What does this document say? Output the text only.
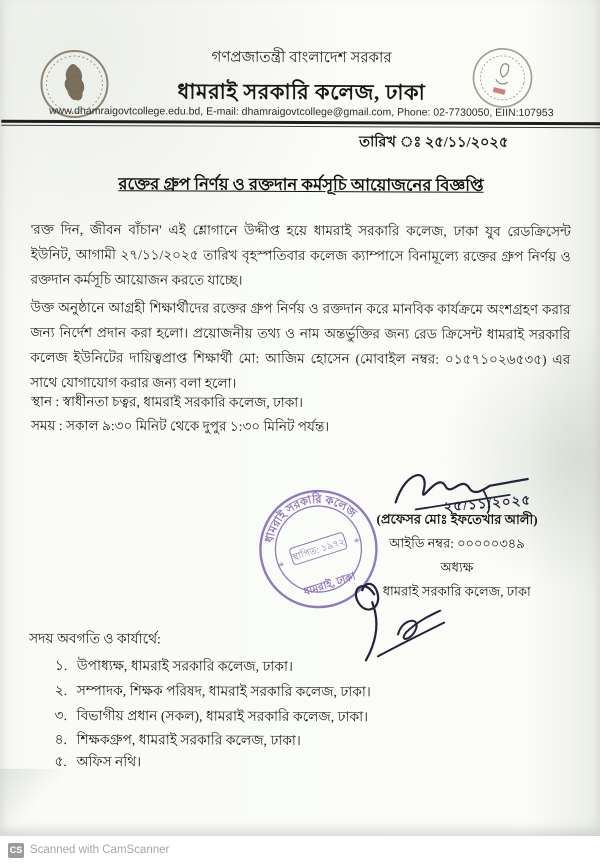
গণপ্রজাতন্ত্রী বাংলাদেশ সরকার
ধামরাই সরকারি কলেজ, ঢাকা
www.dhamraigovtcollege.edu.bd, E-mail: dhamraigovtcollege@gmail.com, Phone: 02-7730050, EIIN:107953
তারিখ ঃ ২৫/১১/২০২৫
রক্তের গ্রুপ নির্ণয় ও রক্তদান কর্মসূচি আয়োজনের বিজ্ঞপ্তি
'রক্ত দিন, জীবন বাঁচান' এই শ্লোগানে উদ্দীপ্ত হয়ে ধামরাই সরকারি কলেজ, ঢাকা যুব রেডক্রিসেন্ট ইউনিট, আগামী ২৭/১১/২০২৫ তারিখ বৃহস্পতিবার কলেজ ক্যাম্পাসে বিনামূল্যে রক্তের গ্রুপ নির্ণয় ও রক্তদান কর্মসূচি আয়োজন করতে যাচ্ছে।
উক্ত অনুষ্ঠানে আগ্রহী শিক্ষার্থীদের রক্তের গ্রুপ নির্ণয় ও রক্তদান করে মানবিক কার্যক্রমে অংশগ্রহণ করার জন্য নির্দেশ প্রদান করা হলো। প্রয়োজনীয় তথ্য ও নাম অন্তর্ভুক্তির জন্য রেড ক্রিসেন্ট ধামরাই সরকারি কলেজ ইউনিটের দায়িত্বপ্রাপ্ত শিক্ষার্থী মো: আজিম হোসেন (মোবাইল নম্বর: ০১৫৭১০২৬৫৩৫) এর সাথে যোগাযোগ করার জন্য বলা হলো।
স্থান : স্বাধীনতা চত্বর, ধামরাই সরকারি কলেজ, ঢাকা।
সময় : সকাল ৯:৩০ মিনিট থেকে দুপুর ১:৩০ মিনিট পর্যন্ত।
২৫/১১/২০২৫
(প্রফেসর মোঃ ইফতেখার আলী)
আইডি নম্বর: ০০০০০৩৪৯
অধ্যক্ষ
ধামরাই সরকারি কলেজ, ঢাকা
ধামরাই সরকারি কলেজ
স্থাপিত: ১৯৭২
ধামরাই, ঢাকা
*
*
সদয় অবগতি ও কার্যার্থে:
১. উপাধ্যক্ষ, ধামরাই সরকারি কলেজ, ঢাকা।
২. সম্পাদক, শিক্ষক পরিষদ, ধামরাই সরকারি কলেজ, ঢাকা।
৩. বিভাগীয় প্রধান (সকল), ধামরাই সরকারি কলেজ, ঢাকা।
৪. শিক্ষকগ্রুপ, ধামরাই সরকারি কলেজ, ঢাকা।
৫. অফিস নথি।
CS Scanned with CamScanner
